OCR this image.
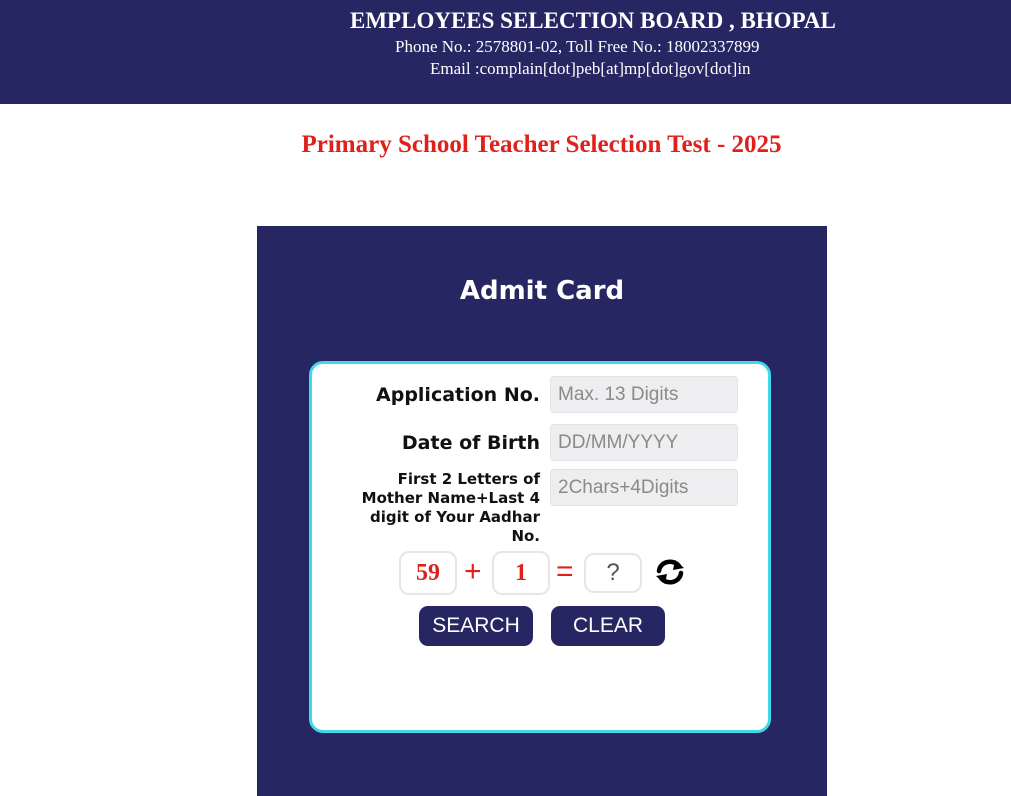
EMPLOYEES SELECTION BOARD , BHOPAL
Phone No.: 2578801-02, Toll Free No.: 18002337899
Email :complain[dot]peb[at]mp[dot]gov[dot]in
Primary School Teacher Selection Test - 2025
Admit Card
Application No.
Max. 13 Digits
Date of Birth
DD/MM/YYYY
First 2 Letters of Mother Name+Last 4 digit of Your Aadhar No.
2Chars+4Digits
59 +	1 =
?
SEARCH	CLEAR
